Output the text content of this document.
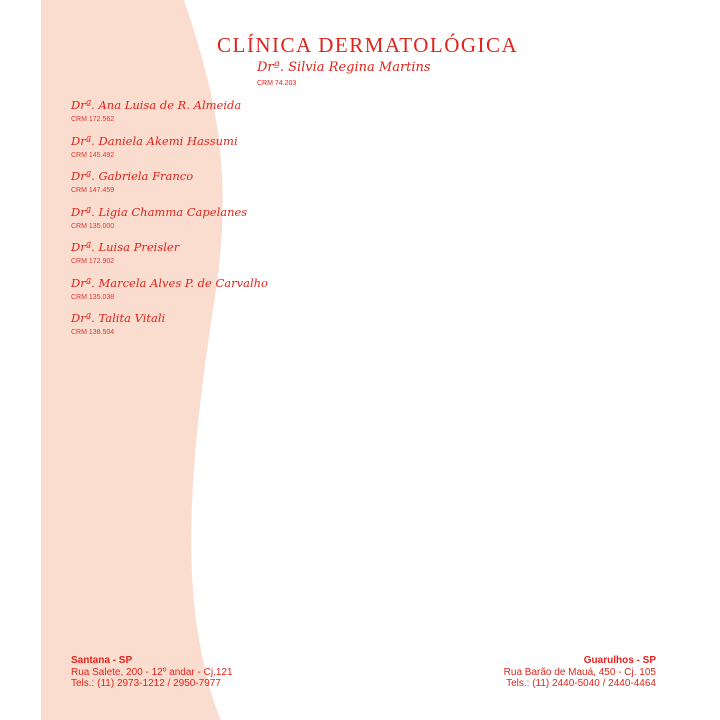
CLÍNICA DERMATOLÓGICA

Drª. Silvia Regina Martins

CRM 74.203

Drª. Ana Luisa de R. Almeida
CRM 172.562
Drª. Daniela Akemi Hassumi
CRM 145.492
Drª. Gabriela Franco
CRM 147.459
Drª. Ligia Chamma Capelanes
CRM 135.000
Drª. Luisa Preisler
CRM 172.902
Drª. Marcela Alves P. de Carvalho
CRM 135.038
Drª. Talita Vitali
CRM 138.504
Santana - SP
Rua Salete, 200 - 12º andar - Cj.121
Tels.: (11) 2973-1212 / 2950-7977
Guarulhos - SP
Rua Barão de Mauá, 450 - Cj. 105
Tels.: (11) 2440-5040 / 2440-4464
